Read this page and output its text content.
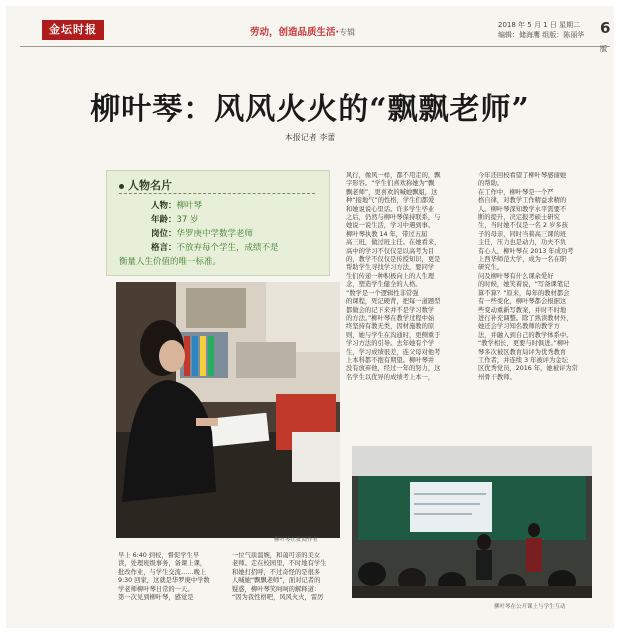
金坛时报	劳动，创造品质生活·专辑
2018 年 5 月 1 日 星期二
编辑：储海鹰 组版：陈丽华 6版
柳叶琴：风风火火的“飘飘老师”
本报记者 李蕾
人物名片
人物：柳叶琴
年龄：37 岁
岗位：华罗庚中学数学老师
格言：不放弃每个学生，成绩不是
衡量人生价值的唯一标准。
风行，像风一样，都不用走的，飘
字形容。“学生们喜欢称她为“飘
飘老师”，更喜欢的喊她飘姐，这
种“接地气”的性格，学生们都爱
和她说说心里话。许多学生毕业
之后，仍然与柳叶琴保持联系，与
她说一说生活，学习中遇到事。
柳叶琴执教 14 年，带过五届
高三班，做过班主任。在她看来，
高中的学习不仅仅是以高考为目
的，教学不仅仅是传授知识，更是
帮助学生寻找学习方法，要同学
生们传递一种积极向上的人生理
念，塑造学生健全的人格。
“数学是一个逻辑性非常强
的课程，死记硬背，把每一道题型
都做会的记下来并不是学习数学
的方法。”柳叶琴在教学过程中始
终坚持有教无类，因材施教的原
则，她与学生在沟通时，更侧重于
学习方法的引导。去年她有个学
生，学习成绩很差，连父母对他考
上本科都不抱有期望。柳叶琴并
没有放弃他，经过一年的努力，这
名学生以优异的成绩考上本一，
今年还回校看望了柳叶琴感谢她
的帮助。
在工作中，柳叶琴是一个严
格自律，对教学工作精益求精的
人。柳叶琴深知教学水平需要不
断的提升，决定报考硕士研究
生，当时她不仅是一名 2 岁多孩
子的母亲，同时当着高三课的班
主任，压力也是动力，功夫不负
有心人，柳叶琴在 2013 年成功考
上西华师范大学，成为一名在职
研究生。
问及柳叶琴有什么课余爱好
的时候，她笑着说，“写备课笔记
算不算？”原来，每年的教材都会
有一些变化，柳叶琴都会根据这
些变动重新写教案，并时不时地
进行补充调整。除了熟读教材外，
她还会学习知名教师的教学方
法，并融入到自己的教学体系中。
“教学相长，更要与时俱进。”柳叶
琴多次被区教育局评为优秀教育
工作者，并连续 3 年被评为金坛
区优秀党员，2016 年，她被评为常
州骨干教师。
柳叶琴在批阅作业
早上 6:40 到校，督促学生早
读，处理班级事务，备课上课，
批改作业，与学生交流……晚上
9:30 回家，这就是华罗庚中学数
学老师柳叶琴日常的一天。
第一次见到柳叶琴，感觉是
一位气质温婉，和蔼可亲的美女
老师。走在校园里，不时地有学生
和她打招呼，不过奇怪的是很多
人喊她“飘飘老师”，面对记者的
疑惑，柳叶琴笑呵呵的解释道：
“因为我性格吧，风风火火，雷厉
柳叶琴在公开课上与学生互动
